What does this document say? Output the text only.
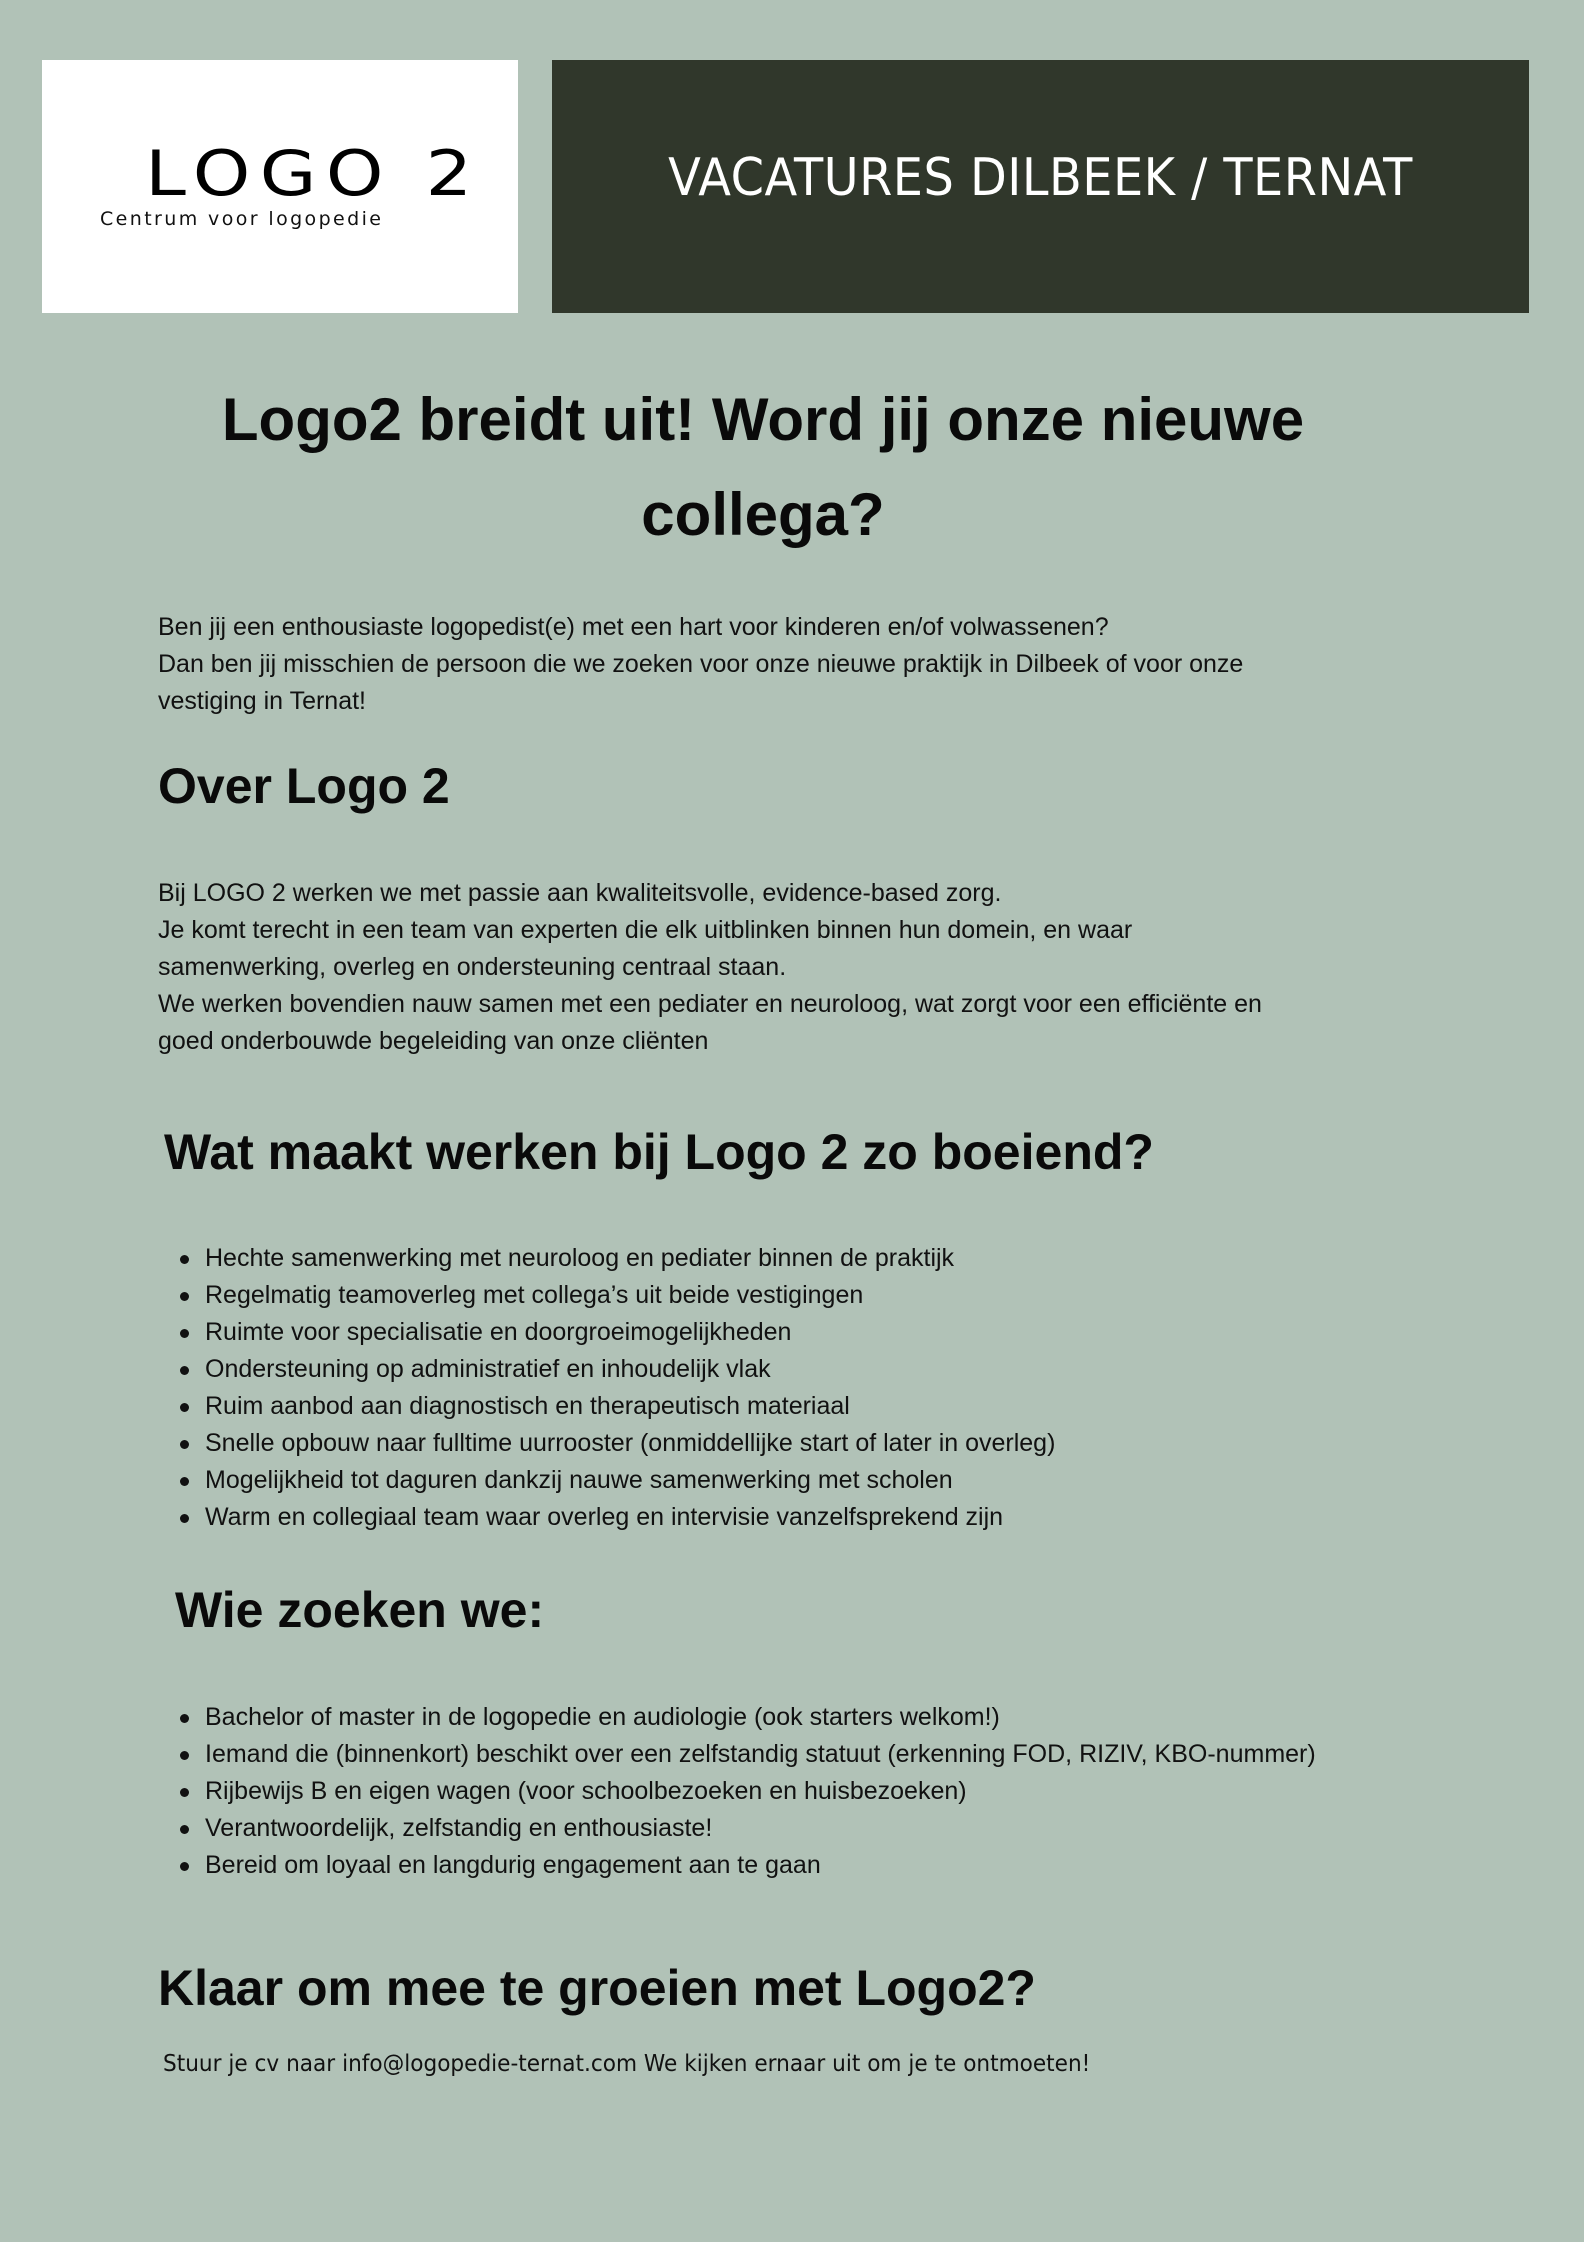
LOGO 2
Centrum voor logopedie
VACATURES DILBEEK / TERNAT
Logo2 breidt uit! Word jij onze nieuwe
collega?

Ben jij een enthousiaste logopedist(e) met een hart voor kinderen en/of volwassenen?
Dan ben jij misschien de persoon die we zoeken voor onze nieuwe praktijk in Dilbeek of voor onze
vestiging in Ternat!

Over Logo 2

Bij LOGO 2 werken we met passie aan kwaliteitsvolle, evidence-based zorg.
Je komt terecht in een team van experten die elk uitblinken binnen hun domein, en waar
samenwerking, overleg en ondersteuning centraal staan.
We werken bovendien nauw samen met een pediater en neuroloog, wat zorgt voor een efficiënte en
goed onderbouwde begeleiding van onze cliënten

Wat maakt werken bij Logo 2 zo boeiend?
Hechte samenwerking met neuroloog en pediater binnen de praktijk
Regelmatig teamoverleg met collega’s uit beide vestigingen
Ruimte voor specialisatie en doorgroeimogelijkheden
Ondersteuning op administratief en inhoudelijk vlak
Ruim aanbod aan diagnostisch en therapeutisch materiaal
Snelle opbouw naar fulltime uurrooster (onmiddellijke start of later in overleg)
Mogelijkheid tot daguren dankzij nauwe samenwerking met scholen
Warm en collegiaal team waar overleg en intervisie vanzelfsprekend zijn
Wie zoeken we:
Bachelor of master in de logopedie en audiologie (ook starters welkom!)
Iemand die (binnenkort) beschikt over een zelfstandig statuut (erkenning FOD, RIZIV, KBO-nummer)
Rijbewijs B en eigen wagen (voor schoolbezoeken en huisbezoeken)
Verantwoordelijk, zelfstandig en enthousiaste!
Bereid om loyaal en langdurig engagement aan te gaan
Klaar om mee te groeien met Logo2?

Stuur je cv naar info@logopedie-ternat.com We kijken ernaar uit om je te ontmoeten!
